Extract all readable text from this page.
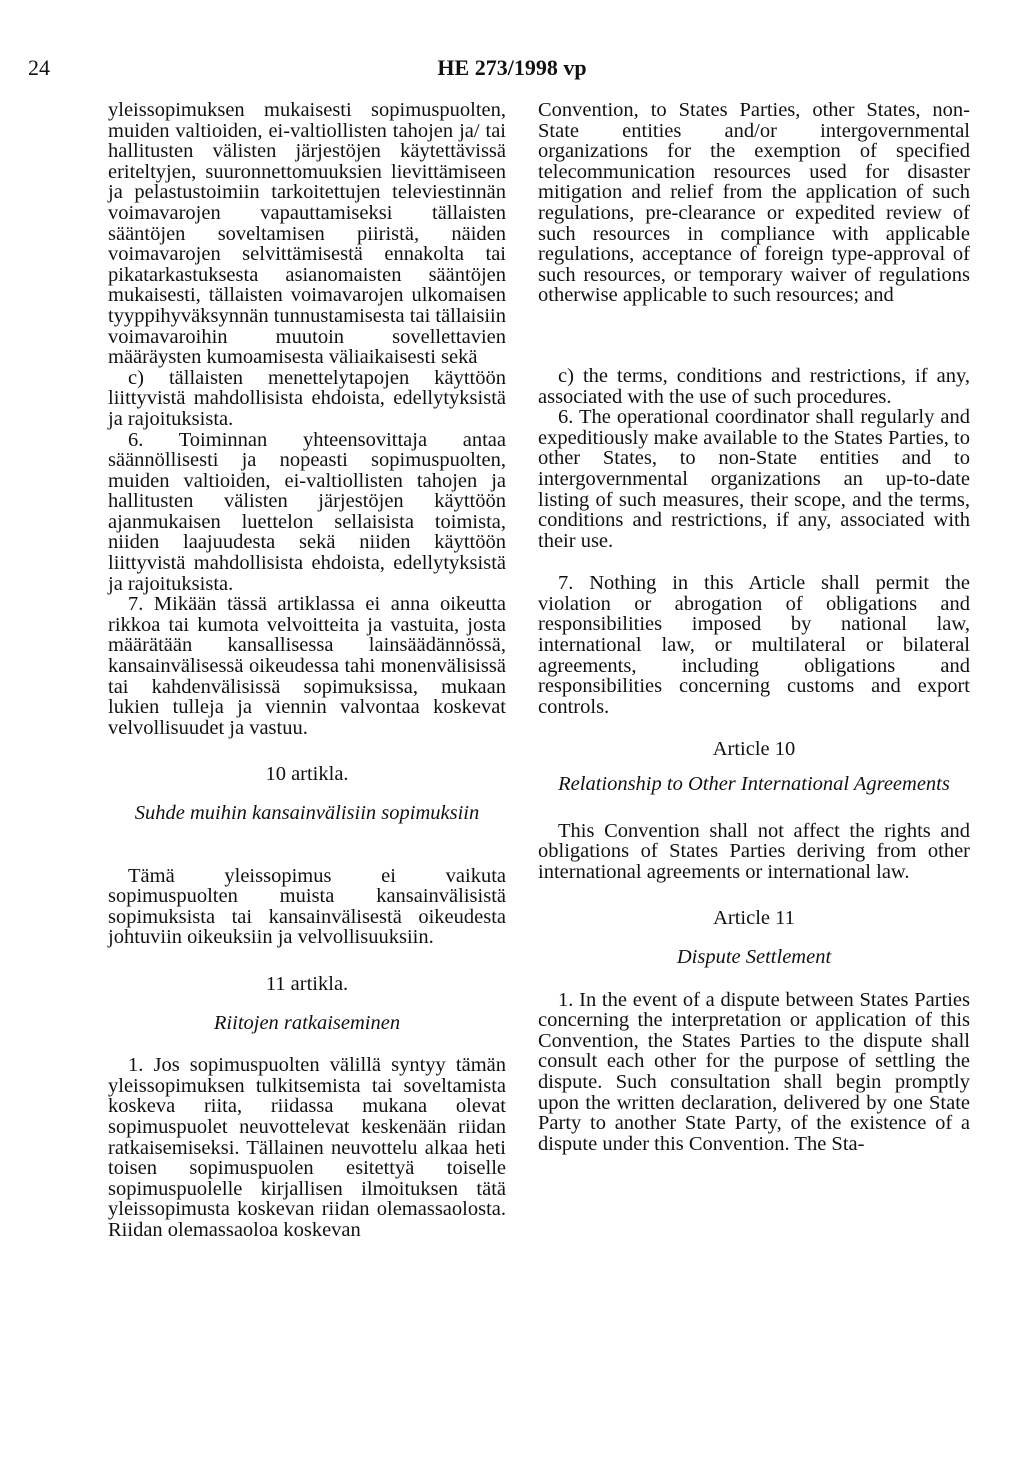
24	HE 273/1998 vp

yleissopimuksen mukaisesti sopimuspuolten, muiden valtioiden, ei-valtiollisten tahojen ja/ tai hallitusten välisten järjestöjen käytettävissä eriteltyjen, suuronnettomuuksien lievittämiseen ja pelastustoimiin tarkoitettujen televiestinnän voimavarojen vapauttamiseksi tällaisten sääntöjen soveltamisen piiristä, näiden voimavarojen selvittämisestä ennakolta tai pikatarkastuksesta asianomaisten sääntöjen mukaisesti, tällaisten voimavarojen ulkomaisen tyyppihyväksynnän tunnustamisesta tai tällaisiin voimavaroihin muutoin sovellettavien määräysten kumoamisesta väliaikaisesti sekä

c) tällaisten menettelytapojen käyttöön liittyvistä mahdollisista ehdoista, edellytyksistä ja rajoituksista.

6. Toiminnan yhteensovittaja antaa säännöllisesti ja nopeasti sopimuspuolten, muiden valtioiden, ei-valtiollisten tahojen ja hallitusten välisten järjestöjen käyttöön ajanmukaisen luettelon sellaisista toimista, niiden laajuudesta sekä niiden käyttöön liittyvistä mahdollisista ehdoista, edellytyksistä ja rajoituksista.

7. Mikään tässä artiklassa ei anna oikeutta rikkoa tai kumota velvoitteita ja vastuita, josta määrätään kansallisessa lainsäädännössä, kansainvälisessä oikeudessa tahi monenvälisissä tai kahdenvälisissä sopimuksissa, mukaan lukien tulleja ja viennin valvontaa koskevat velvollisuudet ja vastuu.

10 artikla.

Suhde muihin kansainvälisiin sopimuksiin

Tämä yleissopimus ei vaikuta sopimuspuolten muista kansainvälisistä sopimuksista tai kansainvälisestä oikeudesta johtuviin oikeuksiin ja velvollisuuksiin.

11 artikla.

Riitojen ratkaiseminen

1. Jos sopimuspuolten välillä syntyy tämän yleissopimuksen tulkitsemista tai soveltamista koskeva riita, riidassa mukana olevat sopimuspuolet neuvottelevat keskenään riidan ratkaisemiseksi. Tällainen neuvottelu alkaa heti toisen sopimuspuolen esitettyä toiselle sopimuspuolelle kirjallisen ilmoituksen tätä yleissopimusta koskevan riidan olemassaolosta. Riidan olemassaoloa koskevan

Convention, to States Parties, other States, non-State entities and/or intergovernmental organizations for the exemption of specified telecommunication resources used for disaster mitigation and relief from the application of such regulations, pre-clearance or expedited review of such resources in compliance with applicable regulations, acceptance of foreign type-approval of such resources, or temporary waiver of regulations otherwise applicable to such resources; and

c) the terms, conditions and restrictions, if any, associated with the use of such procedures.

6. The operational coordinator shall regularly and expeditiously make available to the States Parties, to other States, to non-State entities and to intergovernmental organizations an up-to-date listing of such measures, their scope, and the terms, conditions and restrictions, if any, associated with their use.

7. Nothing in this Article shall permit the violation or abrogation of obligations and responsibilities imposed by national law, international law, or multilateral or bilateral agreements, including obligations and responsibilities concerning customs and export controls.

Article 10

Relationship to Other International Agreements

This Convention shall not affect the rights and obligations of States Parties deriving from other international agreements or international law.

Article 11

Dispute Settlement

1. In the event of a dispute between States Parties concerning the interpretation or application of this Convention, the States Parties to the dispute shall consult each other for the purpose of settling the dispute. Such consultation shall begin promptly upon the written declaration, delivered by one State Party to another State Party, of the existence of a dispute under this Convention. The Sta-
